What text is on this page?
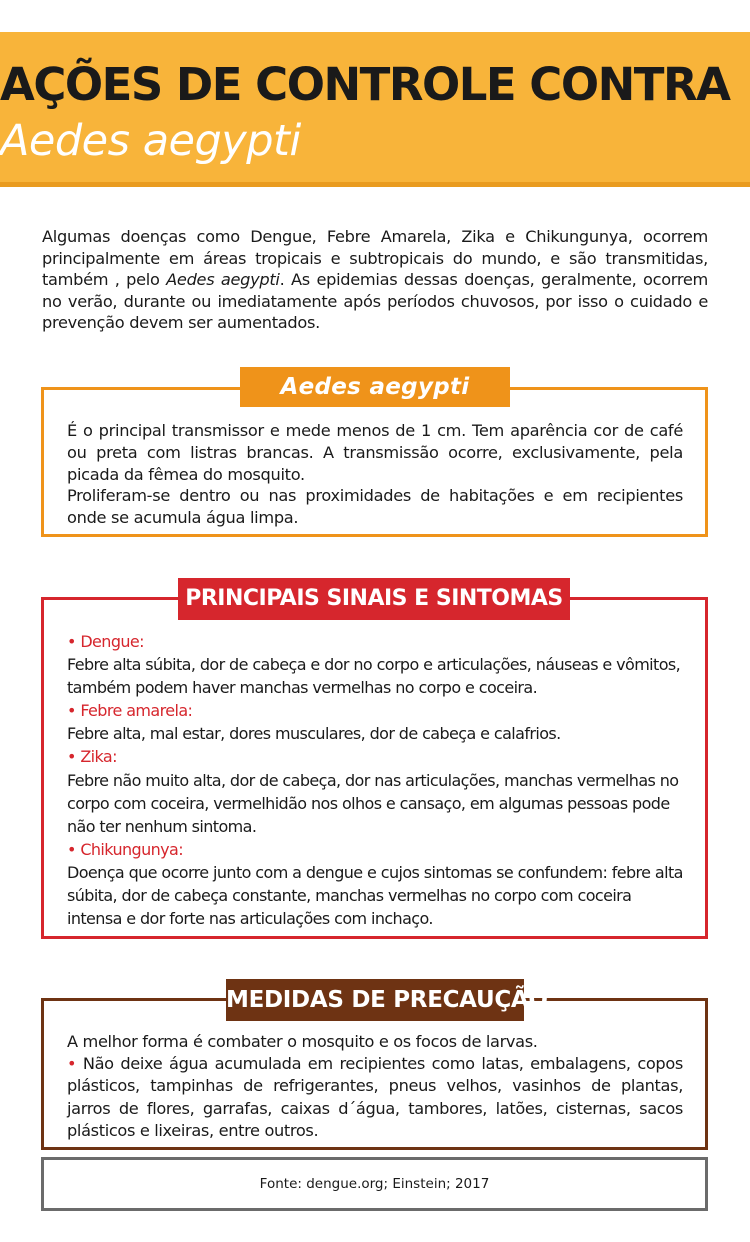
AÇÕES DE CONTROLE CONTRA
Aedes aegypti

Algumas doenças como Dengue, Febre Amarela, Zika e Chikungunya, ocorrem principalmente em áreas tropicais e subtropicais do mundo, e são transmitidas, também , pelo Aedes aegypti. As epidemias dessas doenças, geralmente, ocorrem no verão, durante ou imediatamente após períodos chuvosos, por isso o cuidado e prevenção devem ser aumentados.

Aedes aegypti

É o principal transmissor e mede menos de 1 cm. Tem aparência cor de café ou preta com listras brancas. A transmissão ocorre, exclusivamente, pela picada da fêmea do mosquito.

Proliferam-se dentro ou nas proximidades de habitações e em recipientes onde se acumula água limpa.

PRINCIPAIS SINAIS E SINTOMAS

• Dengue:

Febre alta súbita, dor de cabeça e dor no corpo e articulações, náuseas e vômitos, também podem haver manchas vermelhas no corpo e coceira.

• Febre amarela:

Febre alta, mal estar, dores musculares, dor de cabeça e calafrios.

• Zika:

Febre não muito alta, dor de cabeça, dor nas articulações, manchas vermelhas no corpo com coceira, vermelhidão nos olhos e cansaço, em algumas pessoas pode não ter nenhum sintoma.

• Chikungunya:

Doença que ocorre junto com a dengue e cujos sintomas se confundem: febre alta súbita, dor de cabeça constante, manchas vermelhas no corpo com coceira intensa e dor forte nas articulações com inchaço.

MEDIDAS DE PRECAUÇÃO

A melhor forma é combater o mosquito e os focos de larvas.

• Não deixe água acumulada em recipientes como latas, embalagens, copos plásticos, tampinhas de refrigerantes, pneus velhos, vasinhos de plantas, jarros de flores, garrafas, caixas d´água, tambores, latões, cisternas, sacos plásticos e lixeiras, entre outros.

Fonte: dengue.org; Einstein; 2017
